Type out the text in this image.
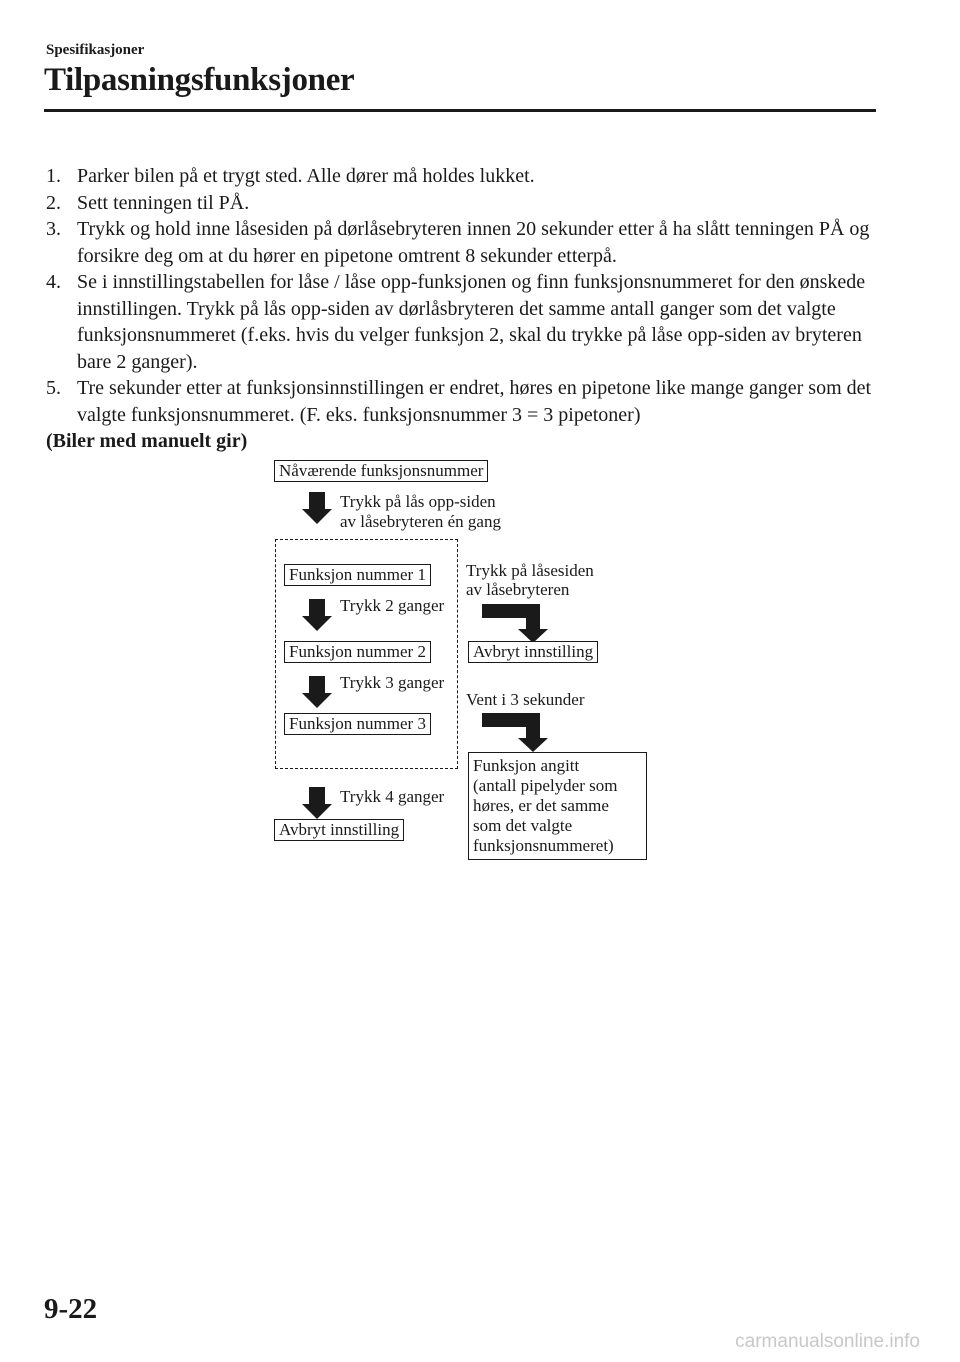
Spesifikasjoner
Tilpasningsfunksjoner
1. Parker bilen på et trygt sted. Alle dører må holdes lukket.
2. Sett tenningen til PÅ.
3. Trykk og hold inne låsesiden på dørlåsebryteren innen 20 sekunder etter å ha slått tenningen PÅ og forsikre deg om at du hører en pipetone omtrent 8 sekunder etterpå.
4. Se i innstillingstabellen for låse / låse opp-funksjonen og finn funksjonsnummeret for den ønskede innstillingen. Trykk på lås opp-siden av dørlåsbryteren det samme antall ganger som det valgte funksjonsnummeret (f.eks. hvis du velger funksjon 2, skal du trykke på låse opp-siden av bryteren bare 2 ganger).
5. Tre sekunder etter at funksjonsinnstillingen er endret, høres en pipetone like mange ganger som det valgte funksjonsnummeret. (F. eks. funksjonsnummer 3 = 3 pipetoner)
(Biler med manuelt gir)
Nåværende funksjonsnummer
Trykk på lås opp-siden
av låsebryteren én gang
Funksjon nummer 1
Trykk 2 ganger
Funksjon nummer 2
Trykk 3 ganger
Funksjon nummer 3
Trykk 4 ganger
Avbryt innstilling
Trykk på låsesiden
av låsebryteren
Avbryt innstilling
Vent i 3 sekunder
Funksjon angitt
(antall pipelyder som
høres, er det samme
som det valgte
funksjonsnummeret)
9-22
carmanualsonline.info
